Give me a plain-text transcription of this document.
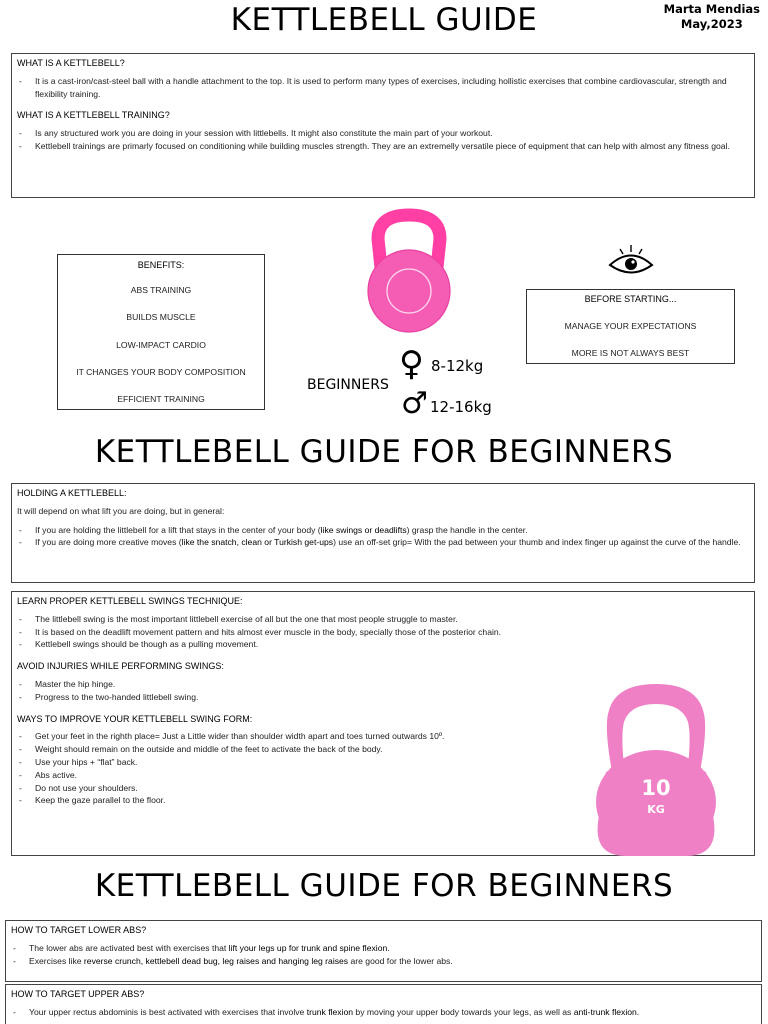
KETTLEBELL GUIDE	Marta Mendias
May,2023
WHAT IS A KETTLEBELL?
- It is a cast-iron/cast-steel ball with a handle attachment to the top. It is used to perform many types of exercises, including hollistic exercises that combine cardiovascular, strength and flexibility training.
WHAT IS A KETTLEBELL TRAINING?
- Is any structured work you are doing in your session with littlebells. It might also constitute the main part of your workout.
- Kettlebell trainings are primarly focused on conditioning while building muscles strength. They are an extremelly versatile piece of equipment that can help with almost any fitness goal.
BENEFITS:
ABS TRAINING
BUILDS MUSCLE
LOW-IMPACT CARDIO
IT CHANGES YOUR BODY COMPOSITION
EFFICIENT TRAINING
BEFORE STARTING...
MANAGE YOUR EXPECTATIONS
MORE IS NOT ALWAYS BEST
BEGINNERS
♀ 8-12kg
♂ 12-16kg
KETTLEBELL GUIDE FOR BEGINNERS
HOLDING A KETTLEBELL:
It will depend on what lift you are doing, but in general:
- If you are holding the littlebell for a lift that stays in the center of your body (like swings or deadlifts) grasp the handle in the center.
- If you are doing more creative moves (like the snatch, clean or Turkish get-ups) use an off-set grip= With the pad between your thumb and index finger up against the curve of the handle.
LEARN PROPER KETTLEBELL SWINGS TECHNIQUE:
- The littlebell swing is the most important littlebell exercise of all but the one that most people struggle to master.
- It is based on the deadlift movement pattern and hits almost ever muscle in the body, specially those of the posterior chain.
- Kettlebell swings should be though as a pulling movement.
AVOID INJURIES WHILE PERFORMING SWINGS:
- Master the hip hinge.
- Progress to the two-handed littlebell swing.
WAYS TO IMPROVE YOUR KETTLEBELL SWING FORM:
- Get your feet in the righth place= Just a Little wider than shoulder width apart and toes turned outwards 10º.
- Weight should remain on the outside and middle of the feet to activate the back of the body.
- Use your hips + “flat” back.
- Abs active.
- Do not use your shoulders.
- Keep the gaze parallel to the floor.
10
KG
KETTLEBELL GUIDE FOR BEGINNERS
HOW TO TARGET LOWER ABS?
- The lower abs are activated best with exercises that lift your legs up for trunk and spine flexion.
- Exercises like reverse crunch, kettlebell dead bug, leg raises and hanging leg raises are good for the lower abs.
HOW TO TARGET UPPER ABS?
- Your upper rectus abdominis is best activated with exercises that involve trunk flexion by moving your upper body towards your legs, as well as anti-trunk flexion.
